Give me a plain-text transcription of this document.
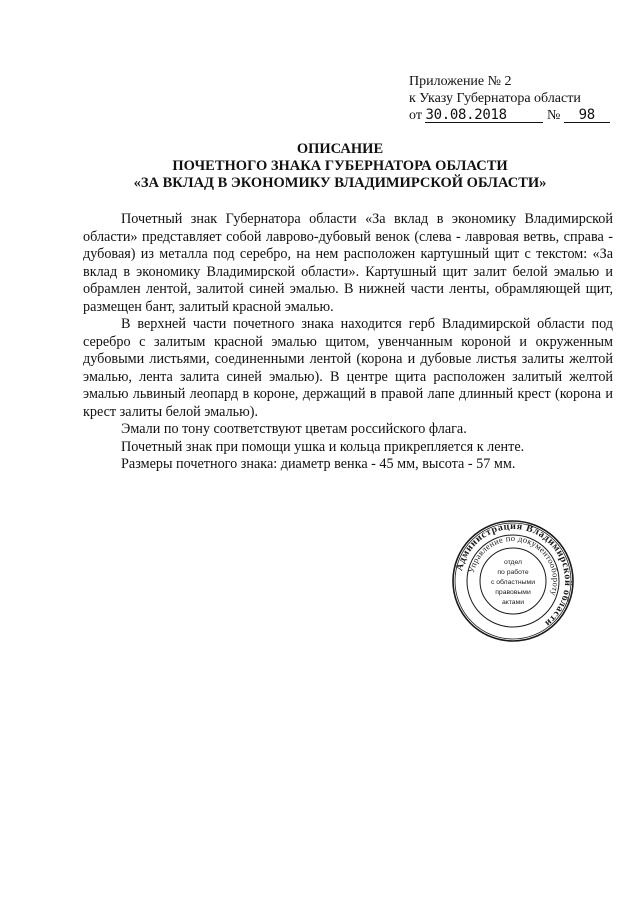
Приложение № 2
к Указу Губернатора области
от 30.08.2018	№ 98
ОПИСАНИЕ
ПОЧЕТНОГО ЗНАКА ГУБЕРНАТОРА ОБЛАСТИ
«ЗА ВКЛАД В ЭКОНОМИКУ ВЛАДИМИРСКОЙ ОБЛАСТИ»

Почетный знак Губернатора области «За вклад в экономику Владимирской области» представляет собой лаврово-дубовый венок (слева - лавровая ветвь, справа - дубовая) из металла под серебро, на нем расположен картушный щит с текстом: «За вклад в экономику Владимирской области». Картушный щит залит белой эмалью и обрамлен лентой, залитой синей эмалью. В нижней части ленты, обрамляющей щит, размещен бант, залитый красной эмалью.

В верхней части почетного знака находится герб Владимирской области под серебро с залитым красной эмалью щитом, увенчанным короной и окруженным дубовыми листьями, соединенными лентой (корона и дубовые листья залиты желтой эмалью, лента залита синей эмалью). В центре щита расположен залитый желтой эмалью львиный леопард в короне, держащий в правой лапе длинный крест (корона и крест залиты белой эмалью).

Эмали по тону соответствуют цветам российского флага.

Почетный знак при помощи ушка и кольца прикрепляется к ленте.

Размеры почетного знака: диаметр венка - 45 мм, высота - 57 мм.

Администрация Владимирской области
Управление по документообороту
отдел
по работе
с областными
правовыми
актами
